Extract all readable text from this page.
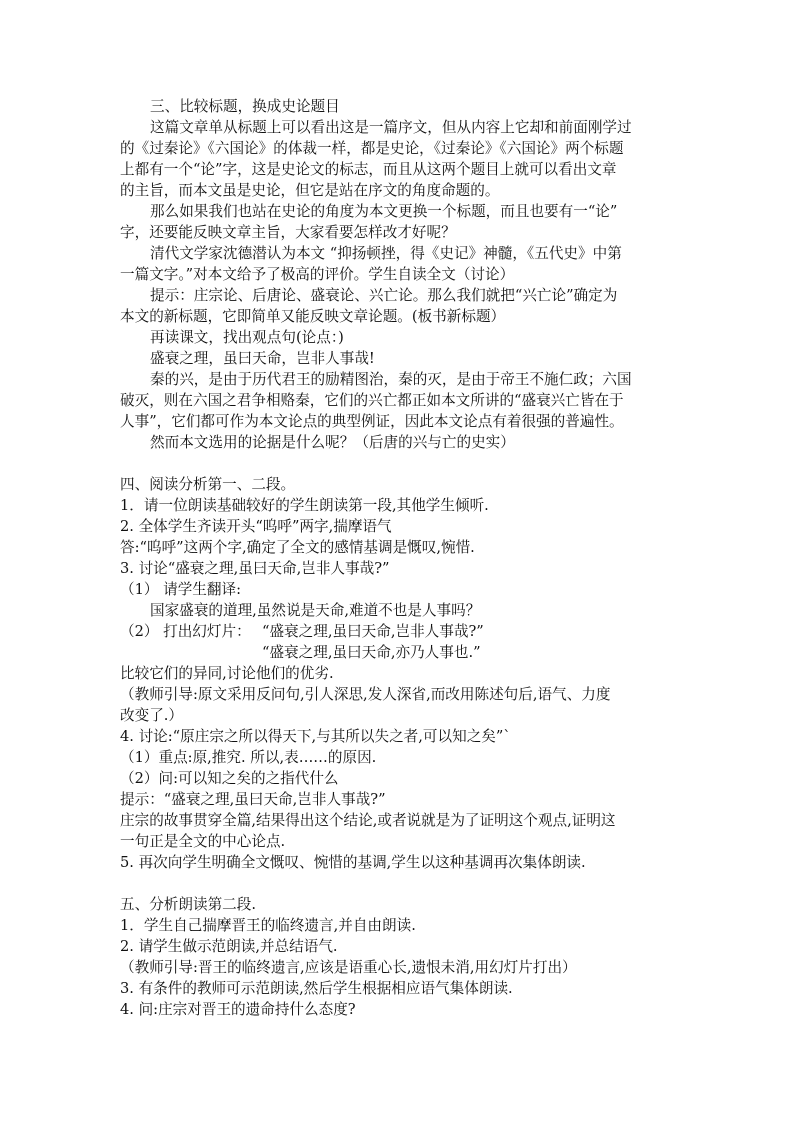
三、比较标题，换成史论题目
这篇文章单从标题上可以看出这是一篇序文，但从内容上它却和前面刚学过
的《过秦论》《六国论》的体裁一样，都是史论，《过秦论》《六国论》两个标题
上都有一个“论”字，这是史论文的标志，而且从这两个题目上就可以看出文章
的主旨，而本文虽是史论，但它是站在序文的角度命题的。
那么如果我们也站在史论的角度为本文更换一个标题，而且也要有一“论”
字，还要能反映文章主旨，大家看要怎样改才好呢？
清代文学家沈德潜认为本文 “抑扬顿挫，得《史记》神髓，《五代史》中第
一篇文字。”对本文给予了极高的评价。学生自读全文（讨论）
提示：庄宗论、后唐论、盛衰论、兴亡论。那么我们就把“兴亡论”确定为
本文的新标题，它即简单又能反映文章论题。(板书新标题）
再读课文，找出观点句(论点：)
盛衰之理，虽曰天命，岂非人事哉!
秦的兴，是由于历代君王的励精图治，秦的灭，是由于帝王不施仁政；六国
破灭，则在六国之君争相赂秦，它们的兴亡都正如本文所讲的“盛衰兴亡皆在于
人事”，它们都可作为本文论点的典型例证，因此本文论点有着很强的普遍性。
然而本文选用的论据是什么呢？（后唐的兴与亡的史实）
四、阅读分析第一、二段。
1．请一位朗读基础较好的学生朗读第一段,其他学生倾听.
2. 全体学生齐读开头“呜呼”两字,揣摩语气
答:“呜呼”这两个字,确定了全文的感情基调是慨叹,惋惜.
3. 讨论“盛衰之理,虽曰天命,岂非人事哉?”
（1） 请学生翻译:
国家盛衰的道理,虽然说是天命,难道不也是人事吗？
（2） 打出幻灯片： “盛衰之理,虽曰天命,岂非人事哉?”
“盛衰之理,虽曰天命,亦乃人事也.”
比较它们的异同,讨论他们的优劣.
（教师引导:原文采用反问句,引人深思,发人深省,而改用陈述句后,语气、力度
改变了.）
4. 讨论:“原庄宗之所以得天下,与其所以失之者,可以知之矣”`
（1）重点:原,推究. 所以,表……的原因.
（2）问:可以知之矣的之指代什么
提示：“盛衰之理,虽曰天命,岂非人事哉?”
庄宗的故事贯穿全篇,结果得出这个结论,或者说就是为了证明这个观点,证明这
一句正是全文的中心论点.
5. 再次向学生明确全文慨叹、惋惜的基调,学生以这种基调再次集体朗读.
五、分析朗读第二段.
1．学生自己揣摩晋王的临终遗言,并自由朗读.
2. 请学生做示范朗读,并总结语气.
（教师引导:晋王的临终遗言,应该是语重心长,遗恨未消,用幻灯片打出）
3. 有条件的教师可示范朗读,然后学生根据相应语气集体朗读.
4. 问:庄宗对晋王的遗命持什么态度?
